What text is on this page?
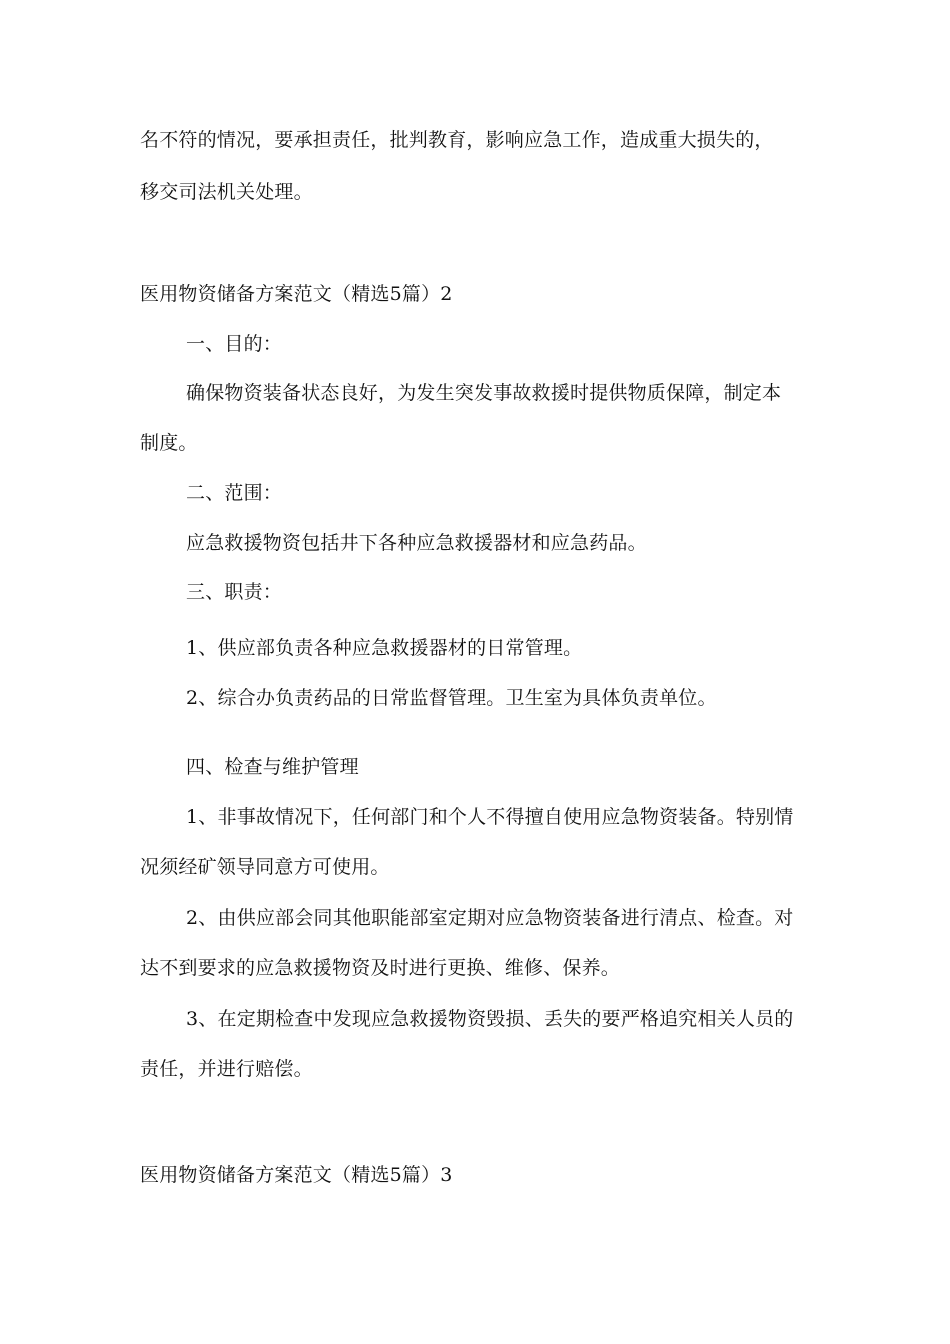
名不符的情况，要承担责任，批判教育，影响应急工作，造成重大损失的，
移交司法机关处理。
医用物资储备方案范文（精选5篇）2
一、目的：
确保物资装备状态良好，为发生突发事故救援时提供物质保障，制定本
制度。
二、范围：
应急救援物资包括井下各种应急救援器材和应急药品。
三、职责：
1、供应部负责各种应急救援器材的日常管理。
2、综合办负责药品的日常监督管理。卫生室为具体负责单位。
四、检查与维护管理
1、非事故情况下，任何部门和个人不得擅自使用应急物资装备。特别情
况须经矿领导同意方可使用。
2、由供应部会同其他职能部室定期对应急物资装备进行清点、检查。对
达不到要求的应急救援物资及时进行更换、维修、保养。
3、在定期检查中发现应急救援物资毁损、丢失的要严格追究相关人员的
责任，并进行赔偿。
医用物资储备方案范文（精选5篇）3
